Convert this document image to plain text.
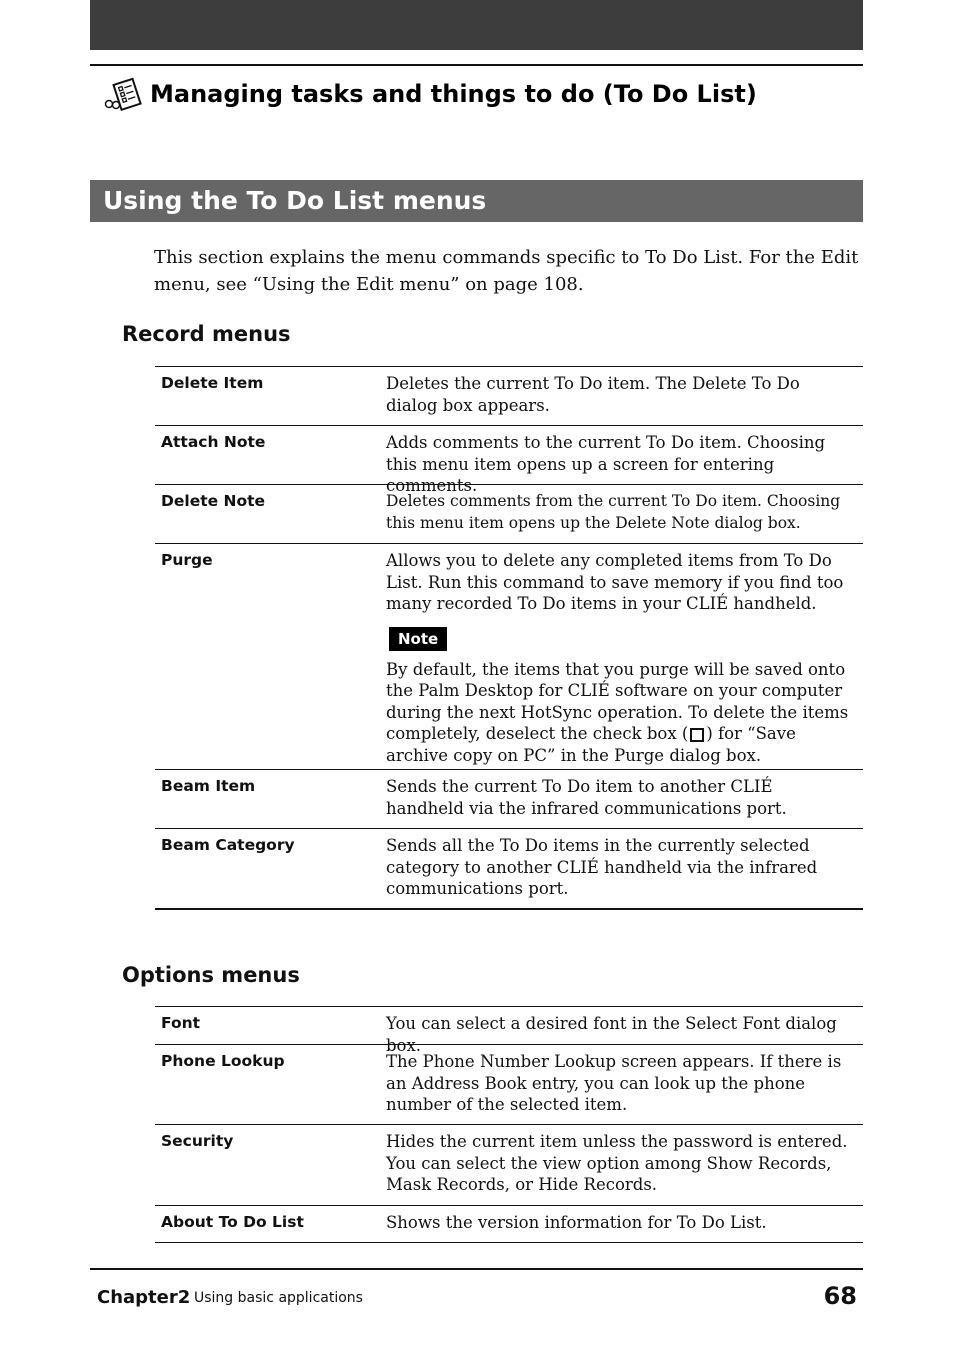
Managing tasks and things to do (To Do List)
Using the To Do List menus
This section explains the menu commands specific to To Do List. For the Edit menu, see “Using the Edit menu” on page 108.
Record menus
Delete Item	Deletes the current To Do item. The Delete To Do dialog box appears.
Attach Note	Adds comments to the current To Do item. Choosing this menu item opens up a screen for entering comments.
Delete Note	Deletes comments from the current To Do item. Choosing this menu item opens up the Delete Note dialog box.
Purge	Allows you to delete any completed items from To Do List. Run this command to save memory if you find too many recorded To Do items in your CLIÉ handheld.
Note
By default, the items that you purge will be saved onto the Palm Desktop for CLIÉ software on your computer during the next HotSync operation. To delete the items completely, deselect the check box ( ) for “Save archive copy on PC” in the Purge dialog box.
Beam Item	Sends the current To Do item to another CLIÉ handheld via the infrared communications port.
Beam Category	Sends all the To Do items in the currently selected category to another CLIÉ handheld via the infrared communications port.
Options menus
Font	You can select a desired font in the Select Font dialog box.
Phone Lookup	The Phone Number Lookup screen appears. If there is an Address Book entry, you can look up the phone number of the selected item.
Security	Hides the current item unless the password is entered. You can select the view option among Show Records, Mask Records, or Hide Records.
About To Do List	Shows the version information for To Do List.
Chapter2 Using basic applications	68
